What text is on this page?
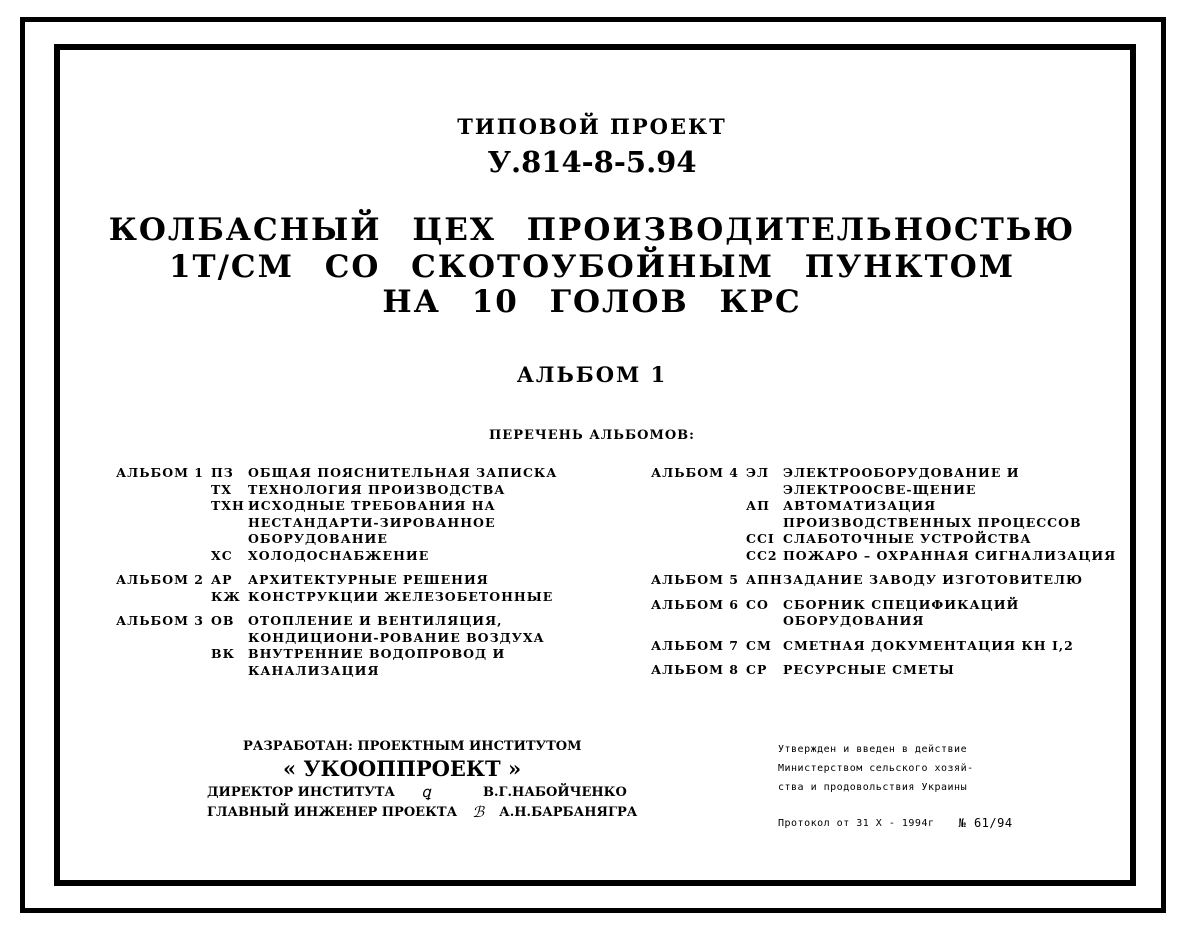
ТИПОВОЙ ПРОЕКТ
У.814-8-5.94
КОЛБАСНЫЙ ЦЕХ ПРОИЗВОДИТЕЛЬНОСТЬЮ
1Т/СМ СО СКОТОУБОЙНЫМ ПУНКТОМ
НА 10 ГОЛОВ КРС
АЛЬБОМ 1
ПЕРЕЧЕНЬ АЛЬБОМОВ:
АЛЬБОМ 1 ПЗ	ОБЩАЯ ПОЯСНИТЕЛЬНАЯ ЗАПИСКА
ТХ	ТЕХНОЛОГИЯ ПРОИЗВОДСТВА
ТХН ИСХОДНЫЕ ТРЕБОВАНИЯ НА НЕСТАНДАРТИ-ЗИРОВАННОЕ ОБОРУДОВАНИЕ
ХС	ХОЛОДОСНАБЖЕНИЕ
АЛЬБОМ 2 АР	АРХИТЕКТУРНЫЕ РЕШЕНИЯ
КЖ КОНСТРУКЦИИ ЖЕЛЕЗОБЕТОННЫЕ
АЛЬБОМ 3 ОВ	ОТОПЛЕНИЕ И ВЕНТИЛЯЦИЯ, КОНДИЦИОНИ-РОВАНИЕ ВОЗДУХА
ВК	ВНУТРЕННИЕ ВОДОПРОВОД И КАНАЛИЗАЦИЯ
АЛЬБОМ 4 ЭЛ	ЭЛЕКТРООБОРУДОВАНИЕ И ЭЛЕКТРООСВЕ-ЩЕНИЕ
АП	АВТОМАТИЗАЦИЯ ПРОИЗВОДСТВЕННЫХ ПРОЦЕССОВ
ССI СЛАБОТОЧНЫЕ УСТРОЙСТВА
СС2 ПОЖАРО – ОХРАННАЯ СИГНАЛИЗАЦИЯ
АЛЬБОМ 5 АПН ЗАДАНИЕ ЗАВОДУ ИЗГОТОВИТЕЛЮ
АЛЬБОМ 6 СО	СБОРНИК СПЕЦИФИКАЦИЙ ОБОРУДОВАНИЯ
АЛЬБОМ 7 СМ СМЕТНАЯ ДОКУМЕНТАЦИЯ КН I,2
АЛЬБОМ 8 СР	РЕСУРСНЫЕ СМЕТЫ
РАЗРАБОТАН: ПРОЕКТНЫМ ИНСТИТУТОМ
« УКООППРОЕКТ »
ДИРЕКТОР ИНСТИТУТА	ꝗ	В.Г.НАБОЙЧЕНКО
ГЛАВНЫЙ ИНЖЕНЕР ПРОЕКТА	ℬ	А.Н.БАРБАНЯГРА
Утвержден и введен в действие
Министерством сельского хозяй-
ства и продовольствия Украины
Протокол от 31 X - 1994г № 61/94
